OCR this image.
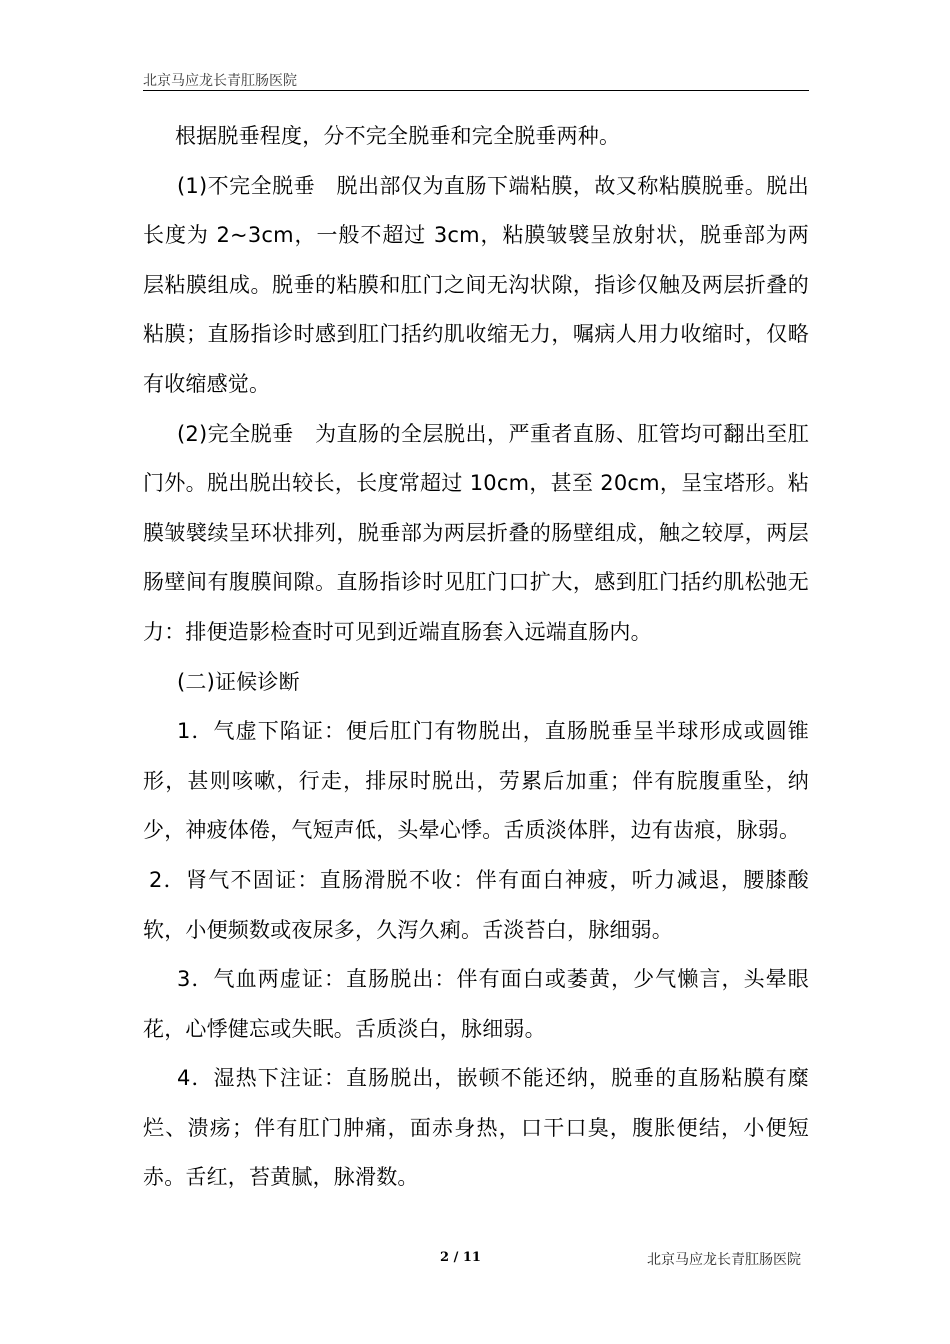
北京马应龙长青肛肠医院

根据脱垂程度，分不完全脱垂和完全脱垂两种。

(1)不完全脱垂　脱出部仅为直肠下端粘膜，故又称粘膜脱垂。脱出长度为 2~3cm，一般不超过 3cm，粘膜皱襞呈放射状，脱垂部为两层粘膜组成。脱垂的粘膜和肛门之间无沟状隙，指诊仅触及两层折叠的粘膜；直肠指诊时感到肛门括约肌收缩无力，嘱病人用力收缩时，仅略有收缩感觉。

(2)完全脱垂　为直肠的全层脱出，严重者直肠、肛管均可翻出至肛门外。脱出脱出较长，长度常超过 10cm，甚至 20cm，呈宝塔形。粘膜皱襞续呈环状排列，脱垂部为两层折叠的肠壁组成，触之较厚，两层肠壁间有腹膜间隙。直肠指诊时见肛门口扩大，感到肛门括约肌松弛无力：排便造影检查时可见到近端直肠套入远端直肠内。

(二)证候诊断

1．气虚下陷证：便后肛门有物脱出，直肠脱垂呈半球形成或圆锥形，甚则咳嗽，行走，排尿时脱出，劳累后加重；伴有脘腹重坠，纳少，神疲体倦，气短声低，头晕心悸。舌质淡体胖，边有齿痕，脉弱。

2．肾气不固证：直肠滑脱不收：伴有面白神疲，听力减退，腰膝酸软，小便频数或夜尿多，久泻久痢。舌淡苔白，脉细弱。

3．气血两虚证：直肠脱出：伴有面白或萎黄，少气懒言，头晕眼花，心悸健忘或失眠。舌质淡白，脉细弱。

4．湿热下注证：直肠脱出，嵌顿不能还纳，脱垂的直肠粘膜有糜烂、溃疡；伴有肛门肿痛，面赤身热，口干口臭，腹胀便结，小便短赤。舌红，苔黄腻，脉滑数。

2 / 11	北京马应龙长青肛肠医院
